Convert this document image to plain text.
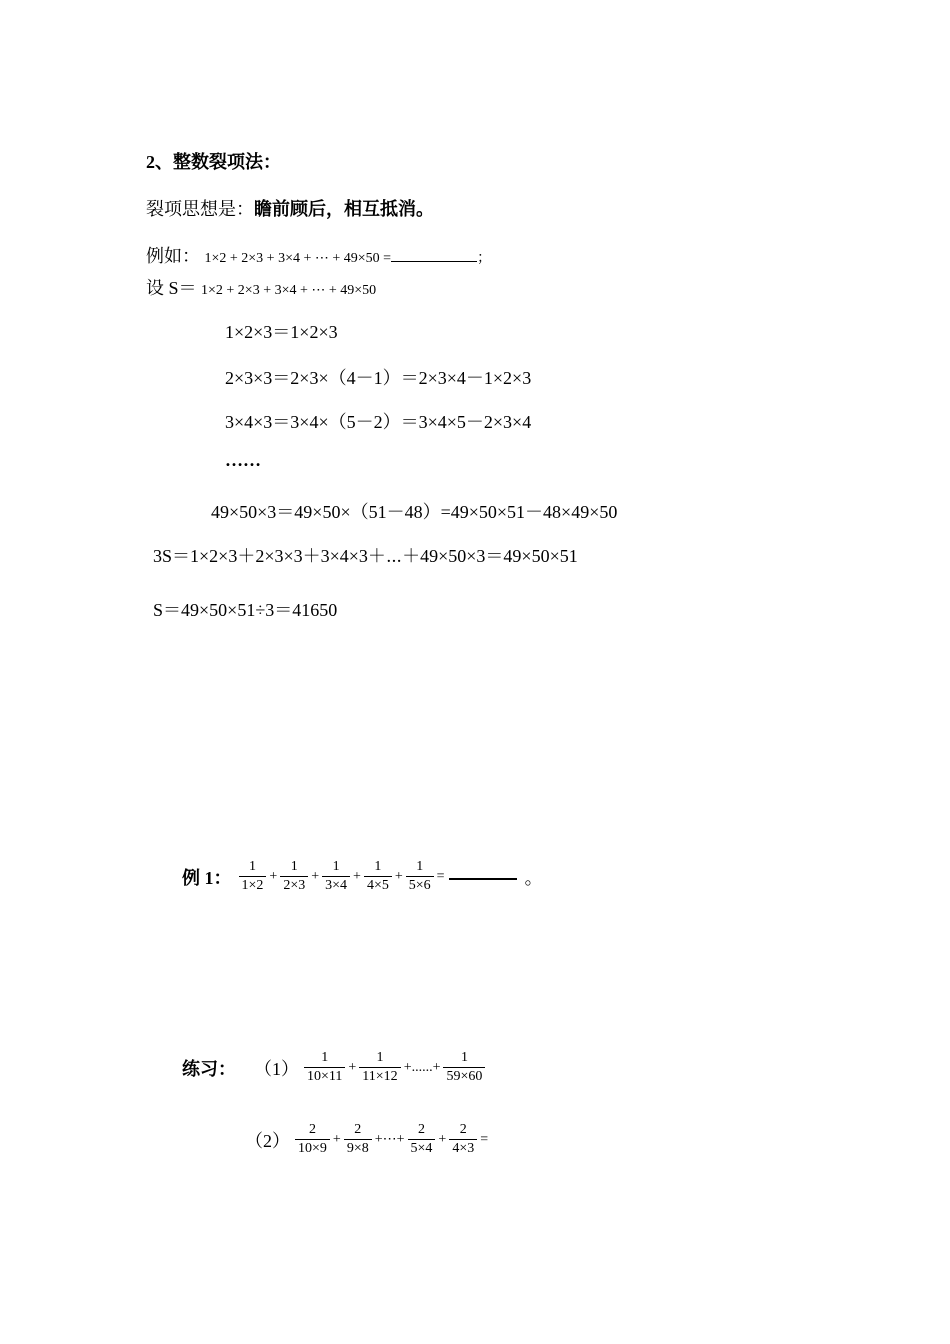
2、整数裂项法：
裂项思想是：瞻前顾后，相互抵消。
例如： 1×2 + 2×3 + 3×4 + ⋯ + 49×50 =	；
设 S＝ 1×2 + 2×3 + 3×4 + ⋯ + 49×50
1×2×3＝1×2×3
2×3×3＝2×3×（4－1）＝2×3×4－1×2×3
3×4×3＝3×4×（5－2）＝3×4×5－2×3×4
……
49×50×3＝49×50×（51－48）=49×50×51－48×49×50
3S＝1×2×3＋2×3×3＋3×4×3＋⋯＋49×50×3＝49×50×51
S＝49×50×51÷3＝41650
例 1： $\frac{1}{1\times 2} + \frac{1}{2\times 3} + \frac{1}{3\times 4} + \frac{1}{4\times 5} + \frac{1}{5\times 6}$ =	。
练习： $(1) \frac{1}{10\times 11} + \frac{1}{11\times 12}$ +......+ $\frac{1}{59\times 60}$
$(2) \frac{2}{10\times 9} + \frac{2}{9\times 8}$ +⋯+ $\frac{2}{5\times 4} + \frac{2}{4\times 3}$ =
